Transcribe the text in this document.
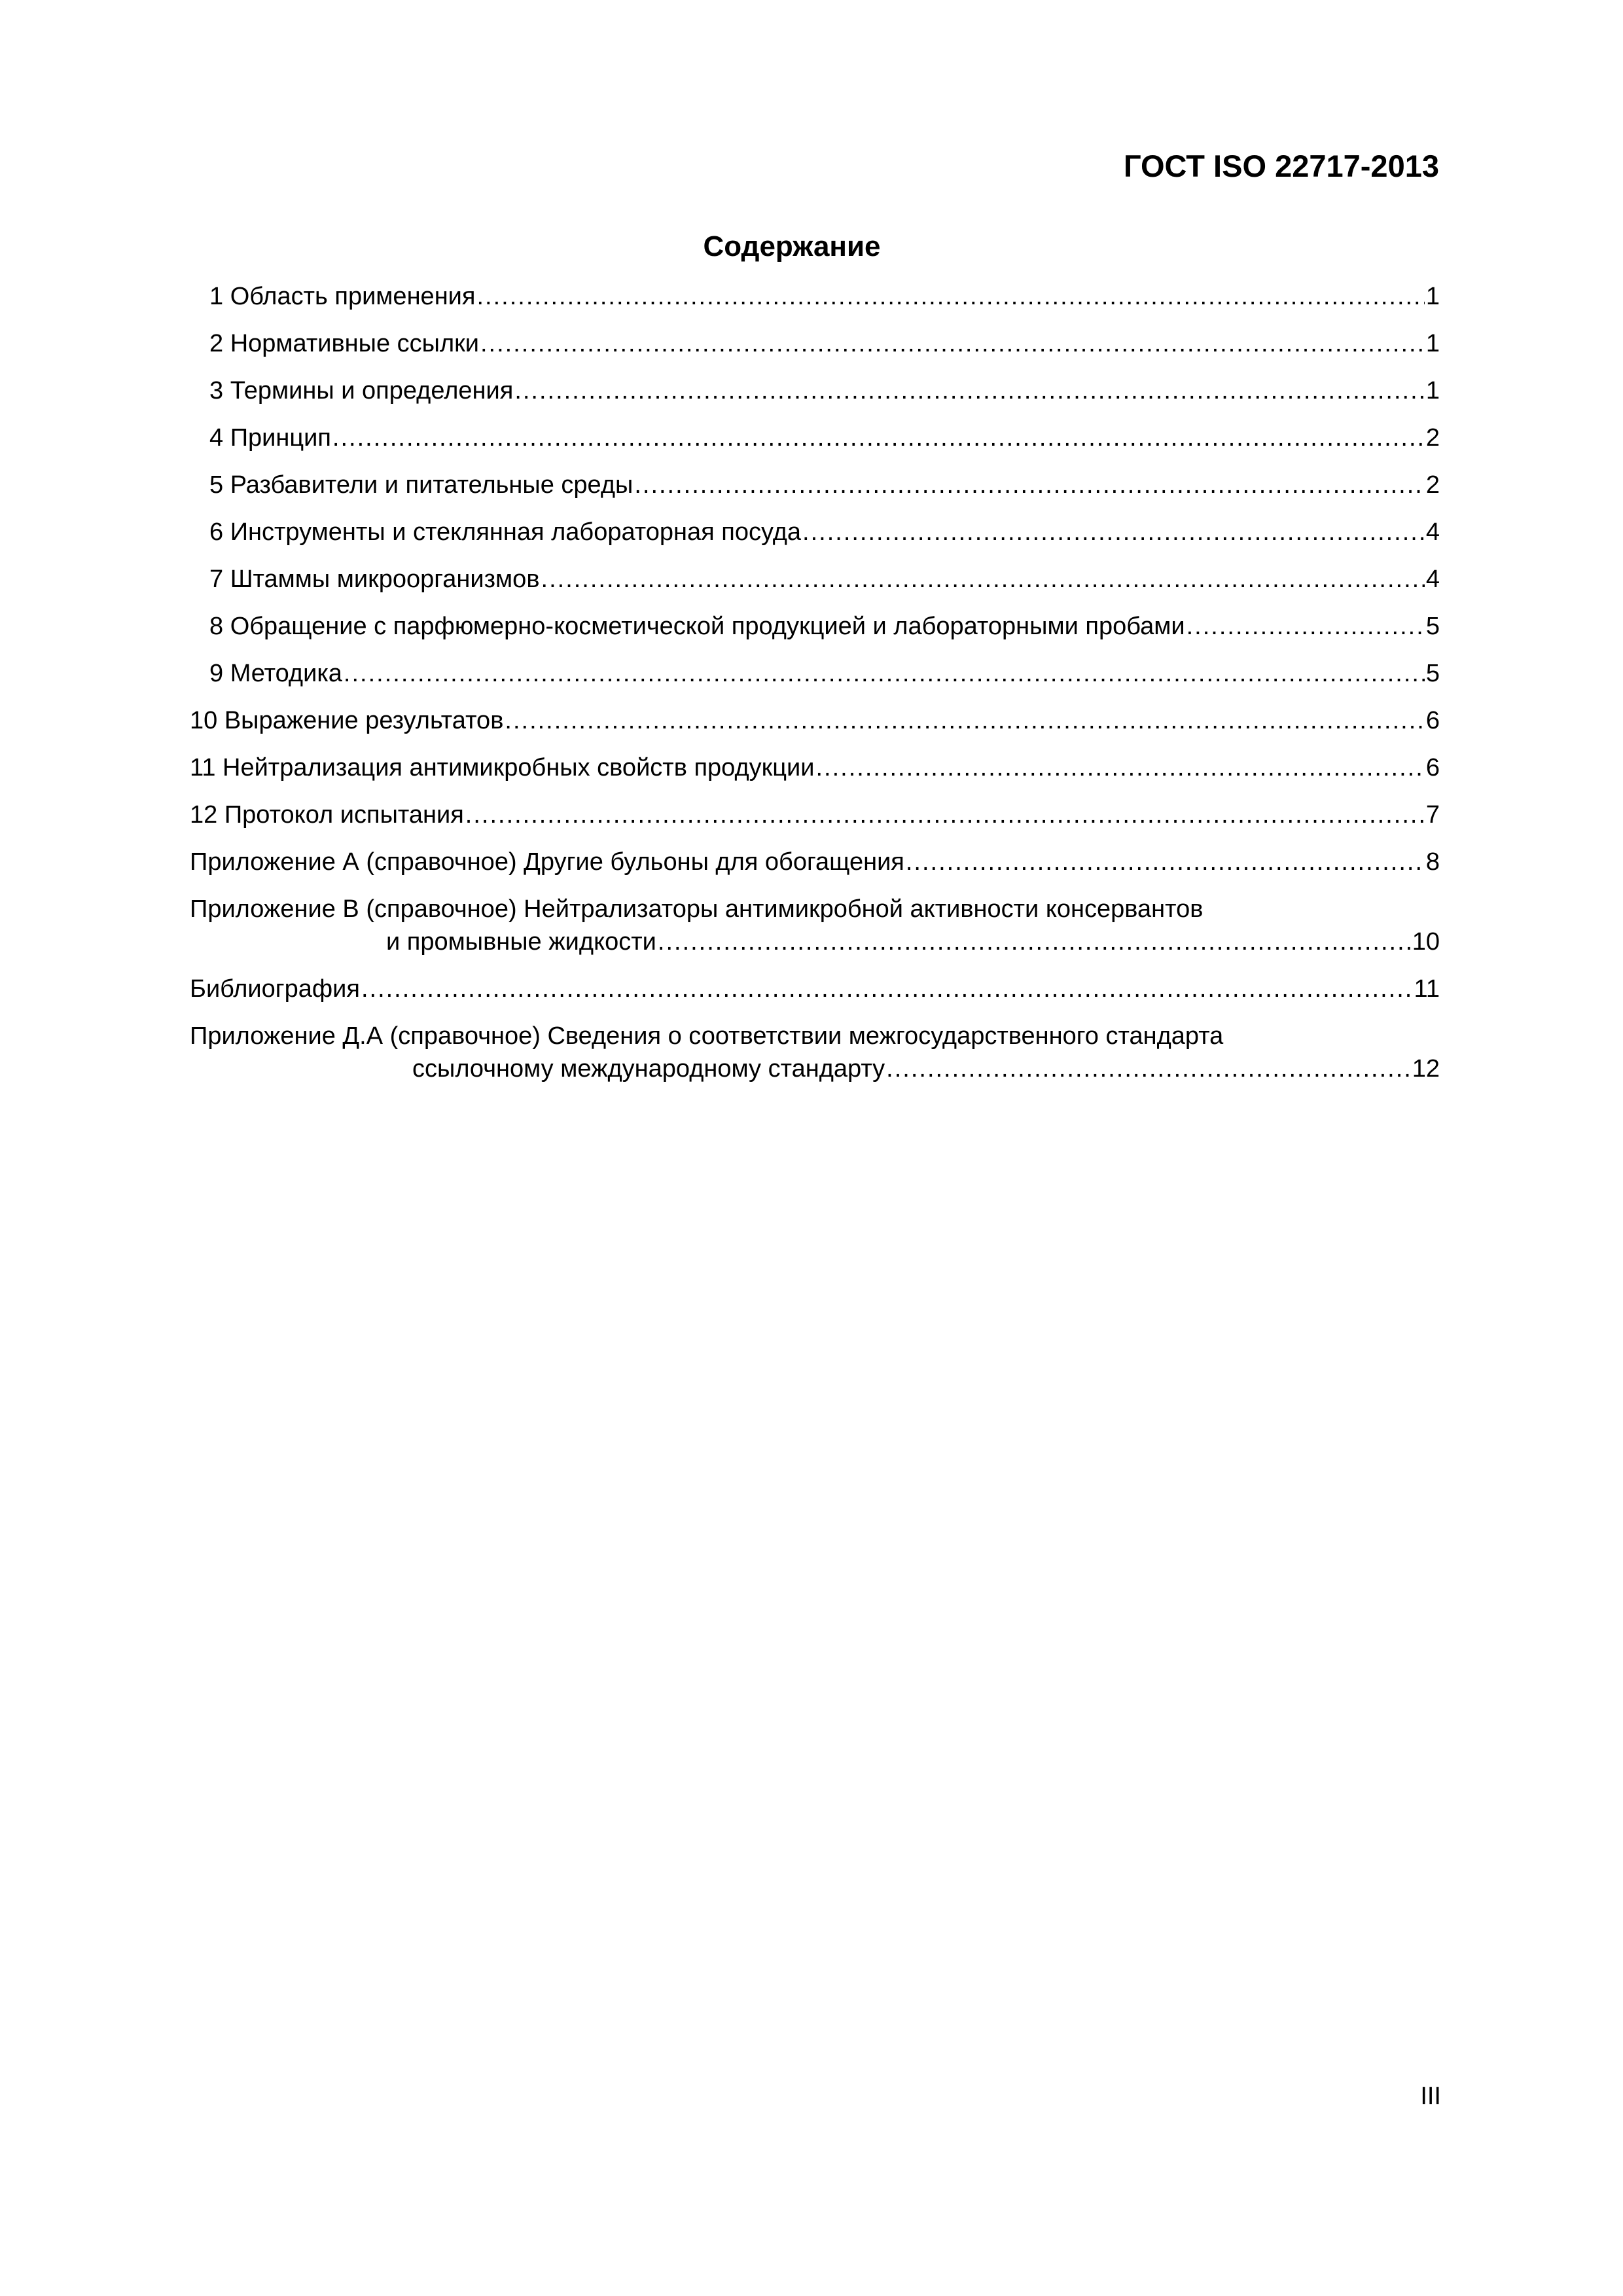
ГОСТ ISO 22717-2013
Содержание
1 Область применения .....	1
2 Нормативные ссылки .....	1
3 Термины и определения .....	1
4 Принцип .....	2
5 Разбавители и питательные среды .....	2
6 Инструменты и стеклянная лабораторная посуда .....	4
7 Штаммы микроорганизмов .....	4
8 Обращение с парфюмерно-косметической продукцией и лабораторными пробами .....	5
9 Методика .....	5
10 Выражение результатов .....	6
11 Нейтрализация антимикробных свойств продукции .....	6
12 Протокол испытания .....	7
Приложение А (справочное) Другие бульоны для обогащения .....	8
Приложение В (справочное) Нейтрализаторы антимикробной активности консервантов
и промывные жидкости .....	10
Библиография .....	11
Приложение Д.А (справочное) Сведения о соответствии межгосударственного стандарта
ссылочному международному стандарту .....	12
III
